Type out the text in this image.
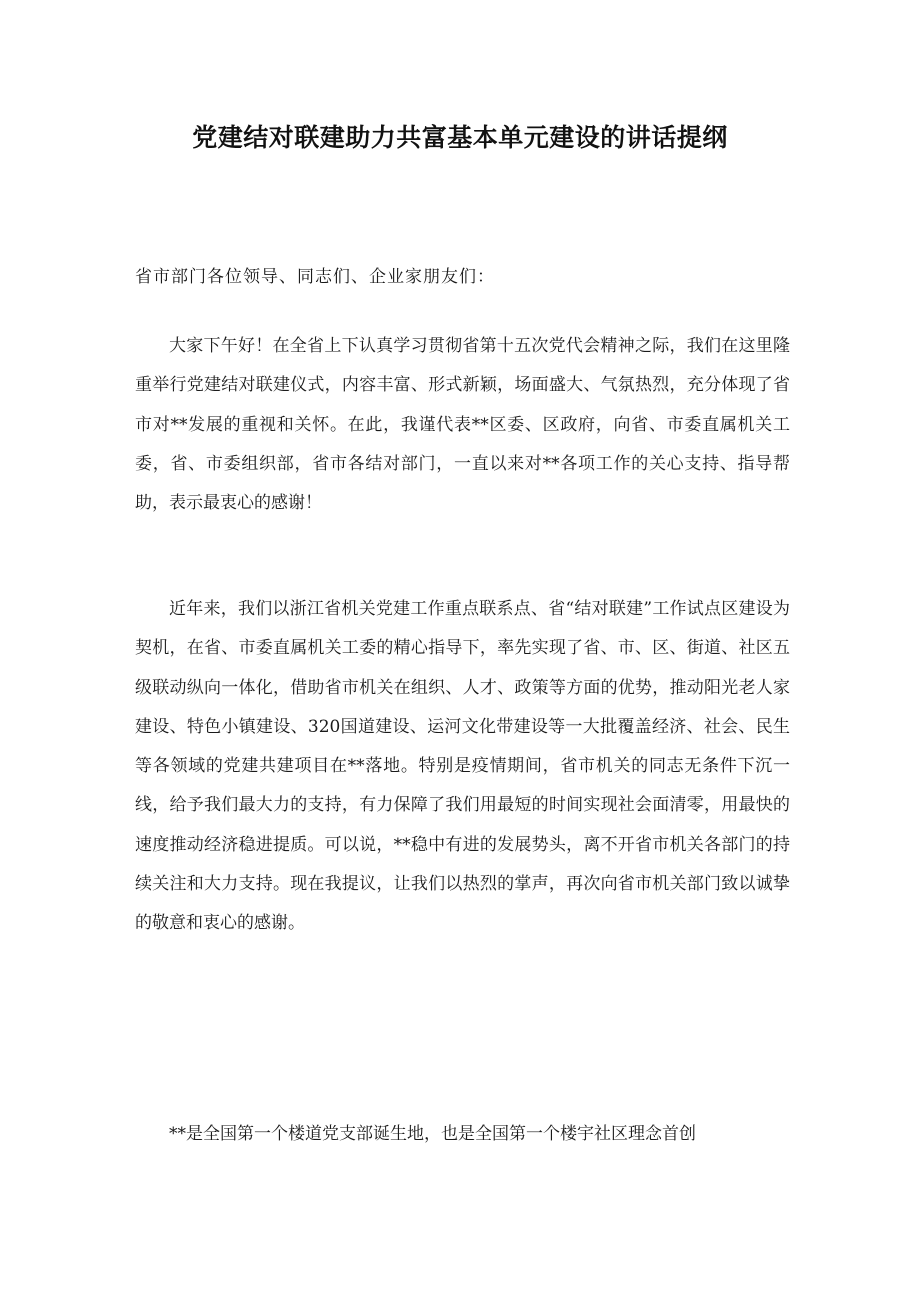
党建结对联建助力共富基本单元建设的讲话提纲

省市部门各位领导、同志们、企业家朋友们：

大家下午好！在全省上下认真学习贯彻省第十五次党代会精神之际，我们在这里隆重举行党建结对联建仪式，内容丰富、形式新颖，场面盛大、气氛热烈，充分体现了省市对**发展的重视和关怀。在此，我谨代表**区委、区政府，向省、市委直属机关工委，省、市委组织部，省市各结对部门，一直以来对**各项工作的关心支持、指导帮助，表示最衷心的感谢！

近年来，我们以浙江省机关党建工作重点联系点、省“结对联建”工作试点区建设为契机，在省、市委直属机关工委的精心指导下，率先实现了省、市、区、街道、社区五级联动纵向一体化，借助省市机关在组织、人才、政策等方面的优势，推动阳光老人家建设、特色小镇建设、320国道建设、运河文化带建设等一大批覆盖经济、社会、民生等各领域的党建共建项目在**落地。特别是疫情期间，省市机关的同志无条件下沉一线，给予我们最大力的支持，有力保障了我们用最短的时间实现社会面清零，用最快的速度推动经济稳进提质。可以说，**稳中有进的发展势头，离不开省市机关各部门的持续关注和大力支持。现在我提议，让我们以热烈的掌声，再次向省市机关部门致以诚挚的敬意和衷心的感谢。

**是全国第一个楼道党支部诞生地，也是全国第一个楼宇社区理念首创
